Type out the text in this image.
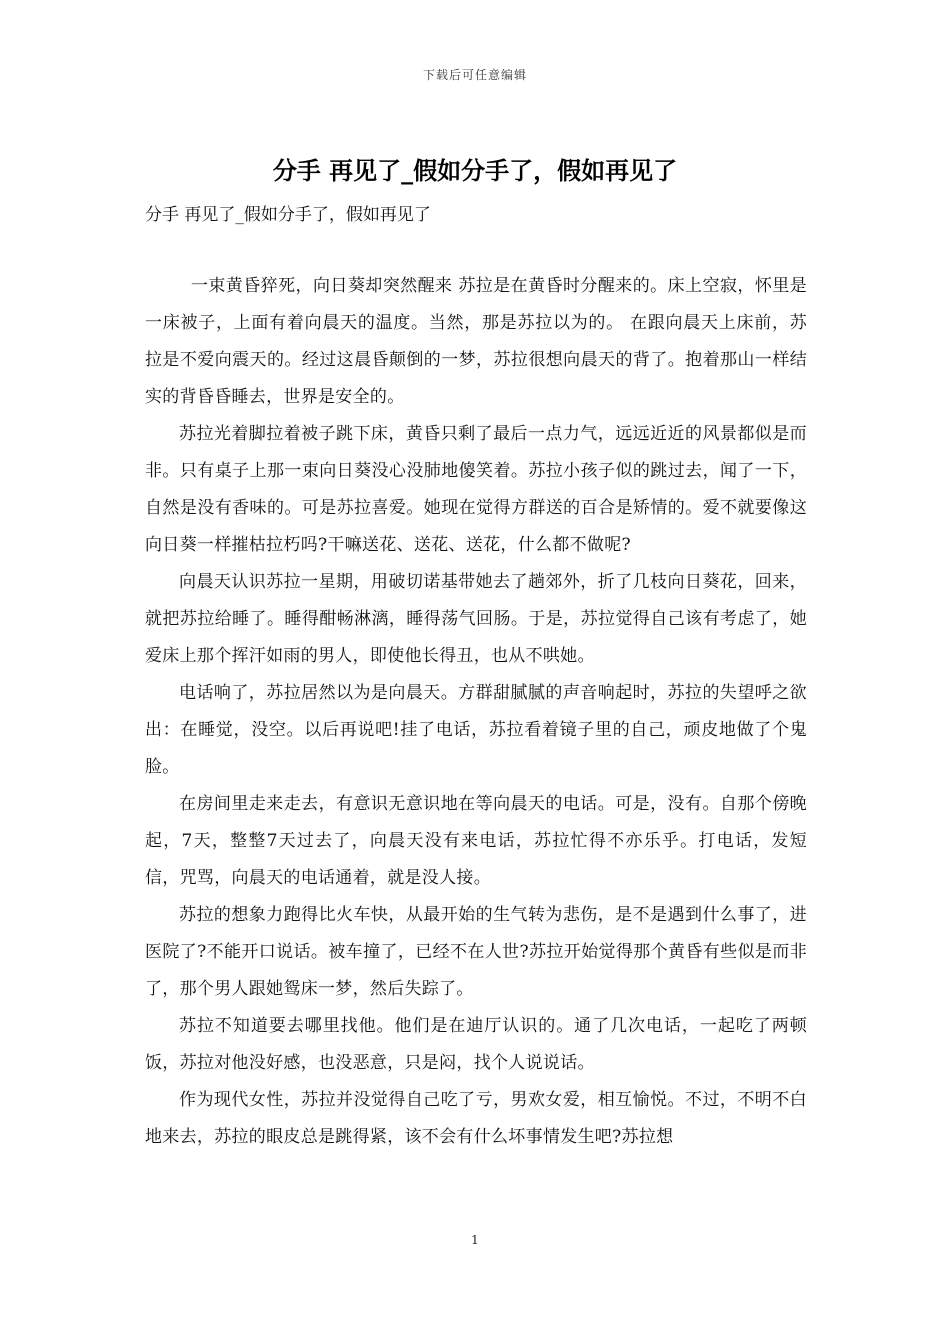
下载后可任意编辑
分手 再见了_假如分手了，假如再见了
分手 再见了_假如分手了，假如再见了

一束黄昏猝死，向日葵却突然醒来 苏拉是在黄昏时分醒来的。床上空寂，怀里是一床被子，上面有着向晨天的温度。当然，那是苏拉以为的。 在跟向晨天上床前，苏拉是不爱向震天的。经过这晨昏颠倒的一梦，苏拉很想向晨天的背了。抱着那山一样结实的背昏昏睡去，世界是安全的。

苏拉光着脚拉着被子跳下床，黄昏只剩了最后一点力气，远远近近的风景都似是而非。只有桌子上那一束向日葵没心没肺地傻笑着。苏拉小孩子似的跳过去，闻了一下，自然是没有香味的。可是苏拉喜爱。她现在觉得方群送的百合是矫情的。爱不就要像这向日葵一样摧枯拉朽吗?干嘛送花、送花、送花，什么都不做呢?

向晨天认识苏拉一星期，用破切诺基带她去了趟郊外，折了几枝向日葵花，回来，就把苏拉给睡了。睡得酣畅淋漓，睡得荡气回肠。于是，苏拉觉得自己该有考虑了，她爱床上那个挥汗如雨的男人，即使他长得丑，也从不哄她。

电话响了，苏拉居然以为是向晨天。方群甜腻腻的声音响起时，苏拉的失望呼之欲出：在睡觉，没空。以后再说吧!挂了电话，苏拉看着镜子里的自己，顽皮地做了个鬼脸。

在房间里走来走去，有意识无意识地在等向晨天的电话。可是，没有。自那个傍晚起，7天，整整7天过去了，向晨天没有来电话，苏拉忙得不亦乐乎。打电话，发短信，咒骂，向晨天的电话通着，就是没人接。

苏拉的想象力跑得比火车快，从最开始的生气转为悲伤，是不是遇到什么事了，进医院了?不能开口说话。被车撞了，已经不在人世?苏拉开始觉得那个黄昏有些似是而非了，那个男人跟她鸳床一梦，然后失踪了。

苏拉不知道要去哪里找他。他们是在迪厅认识的。通了几次电话，一起吃了两顿饭，苏拉对他没好感，也没恶意，只是闷，找个人说说话。

作为现代女性，苏拉并没觉得自己吃了亏，男欢女爱，相互愉悦。不过，不明不白地来去，苏拉的眼皮总是跳得紧，该不会有什么坏事情发生吧?苏拉想

1
